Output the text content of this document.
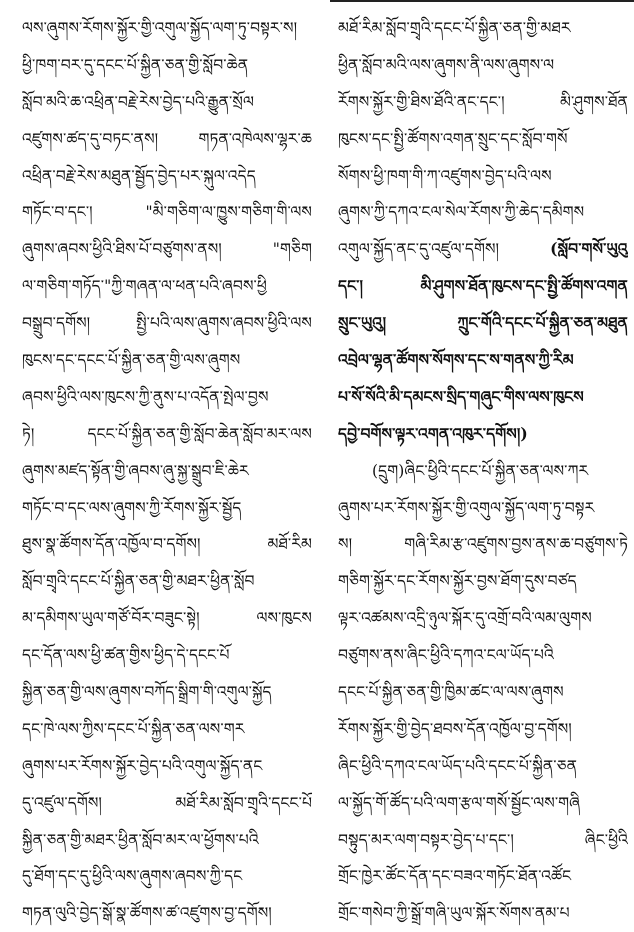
ལས་ཞུགས་རོགས་སྐྱོར་གྱི་འགུལ་སྐྱོད་ལག་ཏུ་བསྟར་ས།
ཕྱི་ཁག་བར་དུ་དངང་པོ་སྐྱིན་ཅན་གྱི་སློབ་ཆེན
སློབ་མའི་ཆ་འཕྲིན་བརྗེ་རེས་བྱེད་པའི་རྒྱུན་སྲོལ
འཛུགས་ཚད་དུ་བཏང་ནས། གཏན་འཁེལས་ལྷར་ཆ
འཕྲིན་བརྗེ་རེས་མཐུན་སྦྱོད་བྱེད་པར་སྐུལ་འདེད
གཏོང་བ་དང་། "མི་གཅིག་ལ་ཁྱུས་གཅིག་གི་ལས
ཞུགས་ཞབས་ཕྱིའི་ཐིས་པོ་བཙུགས་ནས། "གཅིག
ལ་གཅིག་གཏོད་"ཀྱི་གཞན་ལ་ཕན་པའི་ཞབས་ཕྱི
བསྒྲུབ་དགོས། སྤྱི་པའི་ལས་ཞུགས་ཞབས་ཕྱིའི་ལས
ཁུངས་དང་དངང་པོ་སྐྱིན་ཅན་གྱི་ལས་ཞུགས
ཞབས་ཕྱིའི་ལས་ཁུངས་ཀྱི་ནུས་པ་འདོན་སྤེལ་བྱས
ཏེ། དངང་པོ་སྐྱིན་ཅན་གྱི་སློབ་ཆེན་སློབ་མར་ལས
ཞུགས་མཛད་སྟོན་གྱི་ཞབས་ཞུ་སྐྱ་སྒྲུབ་ཇི་ཆེར
གཏོང་བ་དང་ལས་ཞུགས་ཀྱི་རོགས་སྐྱོར་སྦྱོད
ཐུས་སྣ་ཚོགས་དོན་འཁྱོལ་བ་དགོས། མཐོ་རིམ
སློབ་གྲྭའི་དངང་པོ་སྐྱིན་ཅན་གྱི་མཐར་ཕྱིན་སློབ
མ་དམིགས་ཡུལ་གཙོ་བོར་བཟུང་སྟེ། ལས་ཁུངས
དང་དོན་ལས་ཕྱི་ཚན་གྱིས་ཕྱིད་དེ་དངང་པོ
སྐྱིན་ཅན་གྱི་ལས་ཞུགས་བཀོད་སྒྲིག་གི་འགུལ་སྐྱོད
དང་ཁེ་ལས་ཀྱིས་དངང་པོ་སྐྱིན་ཅན་ལས་གར
ཞུགས་པར་རོགས་སྐྱོར་བྱེད་པའི་འགུལ་སྐྱོད་ནང
དུ་འཛུལ་དགོས། མཐོ་རིམ་སློབ་གྲྭའི་དངང་པོ
སྐྱིན་ཅན་གྱི་མཐར་ཕྱིན་སློབ་མར་ལ་ཕྱོགས་པའི
དུ་ཐོག་དང་དུ་ཕྱིའི་ལས་ཞུགས་ཞབས་ཀྱི་དང
གཏན་ལུའི་བྱེད་སྒོ་སྣ་ཚོགས་ཚ་འཛུགས་བྱ་དགོས།
མཐོ་རིམ་སློབ་གྲྭའི་དངང་པོ་སྐྱིན་ཅན་གྱི་མཐར
ཕྱིན་སློབ་མའི་ལས་ཞུགས་ནི་ལས་ཞུགས་ལ
རོགས་སྐྱོར་གྱི་ཐིས་ཐོའི་ནང་དང་། མི་ཤུགས་ཐོན
ཁུངས་དང་སྤྱི་ཚོགས་འགན་སྲུང་དང་སློབ་གསོ
སོགས་ཕྱི་ཁག་གི་ཀ་འཛུགས་བྱེད་པའི་ལས
ཞུགས་ཀྱི་དཀའ་ངལ་སེལ་རོགས་ཀྱི་ཆེད་དམིགས
འགུལ་སྐྱོད་ནང་དུ་འཛུལ་དགོས། (སློབ་གསོ་ཡུའུ
དང་། མི་ཤུགས་ཐོན་ཁུངས་དང་སྤྱི་ཚོགས་འགན
སྲུང་ཡུའུ། ཀྲུང་གོའི་དངང་པོ་སྐྱིན་ཅན་མཐུན
འབྲེལ་ལྷན་ཚོགས་སོགས་དང་ས་གནས་ཀྱི་རིམ
པ་སོ་སོའི་མི་དམངས་སྲིད་གཞུང་གིས་ལས་ཁུངས
དབྱེ་བགོས་ལྟར་འགན་འཁུར་དགོས།)
(དྲུག)ཞིང་ཕྱིའི་དངང་པོ་སྐྱིན་ཅན་ལས་ཀར
ཞུགས་པར་རོགས་སྐྱོར་གྱི་འགུལ་སྐྱོད་ལག་ཏུ་བསྟར
ས། གཞི་རིམ་རྩ་འཛུགས་བྱས་ནས་ཆ་བཙུགས་ཏེ
གཅིག་སྐྱོར་དང་རོགས་སྐྱོར་བྱས་ཐོག་དུས་བཙད
ལྟར་འཚམས་འདྲི་ཉུལ་སྐོར་དུ་འགྲོ་བའི་ལམ་ལུགས
བཙུགས་ནས་ཞིང་ཕྱིའི་དཀའ་ངལ་ཡོད་པའི
དངང་པོ་སྐྱིན་ཅན་གྱི་ཁྱིམ་ཚང་ལ་ལས་ཞུགས
རོགས་སྐྱོར་གྱི་བྱེད་ཐབས་དོན་འཁྱོལ་བྱ་དགོས།
ཞིང་ཕྱིའི་དཀའ་ངལ་ཡོད་པའི་དངང་པོ་སྐྱིན་ཅན
ལ་སྐྱོད་གོ་ཚོད་པའི་ལག་རྩལ་གསོ་སྦྱོང་ལས་གཞི
བསྟུད་མར་ལག་བསྟར་བྱེད་པ་དང་། ཞིང་ཕྱིའི
གྲོང་ཁྱེར་ཚོང་དོན་དང་བཟའ་གཏོང་ཐོན་འཚོང
གྲོང་གསེབ་ཀྱི་སྒྲོ་གཞི་ཡུལ་སྐོར་སོགས་ནམ་པ
